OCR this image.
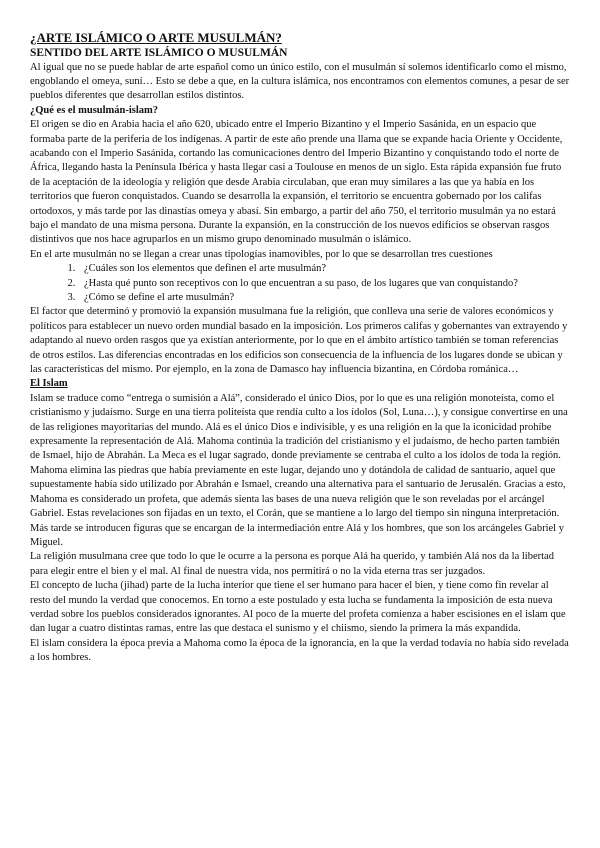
¿ARTE ISLÁMICO O ARTE MUSULMÁN?
SENTIDO DEL ARTE ISLÁMICO O MUSULMÁN

Al igual que no se puede hablar de arte español como un único estilo, con el musulmán sí solemos identificarlo como el mismo, engoblando el omeya, suní… Esto se debe a que, en la cultura islámica, nos encontramos con elementos comunes, a pesar de ser pueblos diferentes que desarrollan estilos distintos.

¿Qué es el musulmán-islam?

El origen se dio en Arabia hacia el año 620, ubicado entre el Imperio Bizantino y el Imperio Sasánida, en un espacio que formaba parte de la periferia de los indígenas. A partir de este año prende una llama que se expande hacia Oriente y Occidente, acabando con el Imperio Sasánida, cortando las comunicaciones dentro del Imperio Bizantino y conquistando todo el norte de África, llegando hasta la Península Ibérica y hasta llegar casi a Toulouse en menos de un siglo. Esta rápida expansión fue fruto de la aceptación de la ideología y religión que desde Arabia circulaban, que eran muy similares a las que ya había en los territorios que fueron conquistados. Cuando se desarrolla la expansión, el territorio se encuentra gobernado por los califas ortodoxos, y más tarde por las dinastías omeya y abasí. Sin embargo, a partir del año 750, el territorio musulmán ya no estará bajo el mandato de una misma persona. Durante la expansión, en la construcción de los nuevos edificios se observan rasgos distintivos que nos hace agruparlos en un mismo grupo denominado musulmán o islámico.

En el arte musulmán no se llegan a crear unas tipologías inamovibles, por lo que se desarrollan tres cuestiones

1. ¿Cuáles son los elementos que definen el arte musulmán?
2. ¿Hasta qué punto son receptivos con lo que encuentran a su paso, de los lugares que van conquistando?
3. ¿Cómo se define el arte musulmán?

El factor que determinó y promovió la expansión musulmana fue la religión, que conlleva una serie de valores económicos y políticos para establecer un nuevo orden mundial basado en la imposición. Los primeros califas y gobernantes van extrayendo y adaptando al nuevo orden rasgos que ya existían anteriormente, por lo que en el ámbito artístico también se toman referencias de otros estilos. Las diferencias encontradas en los edificios son consecuencia de la influencia de los lugares donde se ubican y las características del mismo. Por ejemplo, en la zona de Damasco hay influencia bizantina, en Córdoba románica…

El Islam

Islam se traduce como “entrega o sumisión a Alá”, considerado el único Dios, por lo que es una religión monoteísta, como el cristianismo y judaísmo. Surge en una tierra politeísta que rendía culto a los ídolos (Sol, Luna…), y consigue convertirse en una de las religiones mayoritarias del mundo. Alá es el único Dios e indivisible, y es una religión en la que la iconicidad prohíbe expresamente la representación de Alá. Mahoma continúa la tradición del cristianismo y el judaísmo, de hecho parten también de Ismael, hijo de Abrahán. La Meca es el lugar sagrado, donde previamente se centraba el culto a los ídolos de toda la región. Mahoma elimina las piedras que había previamente en este lugar, dejando uno y dotándola de calidad de santuario, aquel que supuestamente había sido utilizado por Abrahán e Ismael, creando una alternativa para el santuario de Jerusalén. Gracias a esto, Mahoma es considerado un profeta, que además sienta las bases de una nueva religión que le son reveladas por el arcángel Gabriel. Estas revelaciones son fijadas en un texto, el Corán, que se mantiene a lo largo del tiempo sin ninguna interpretación. Más tarde se introducen figuras que se encargan de la intermediación entre Alá y los hombres, que son los arcángeles Gabriel y Miguel.

La religión musulmana cree que todo lo que le ocurre a la persona es porque Alá ha querido, y también Alá nos da la libertad para elegir entre el bien y el mal. Al final de nuestra vida, nos permitirá o no la vida eterna tras ser juzgados.

El concepto de lucha (jihad) parte de la lucha interior que tiene el ser humano para hacer el bien, y tiene como fin revelar al resto del mundo la verdad que conocemos. En torno a este postulado y esta lucha se fundamenta la imposición de esta nueva verdad sobre los pueblos considerados ignorantes. Al poco de la muerte del profeta comienza a haber escisiones en el islam que dan lugar a cuatro distintas ramas, entre las que destaca el sunismo y el chiismo, siendo la primera la más expandida.

El islam considera la época previa a Mahoma como la época de la ignorancia, en la que la verdad todavía no había sido revelada a los hombres.
